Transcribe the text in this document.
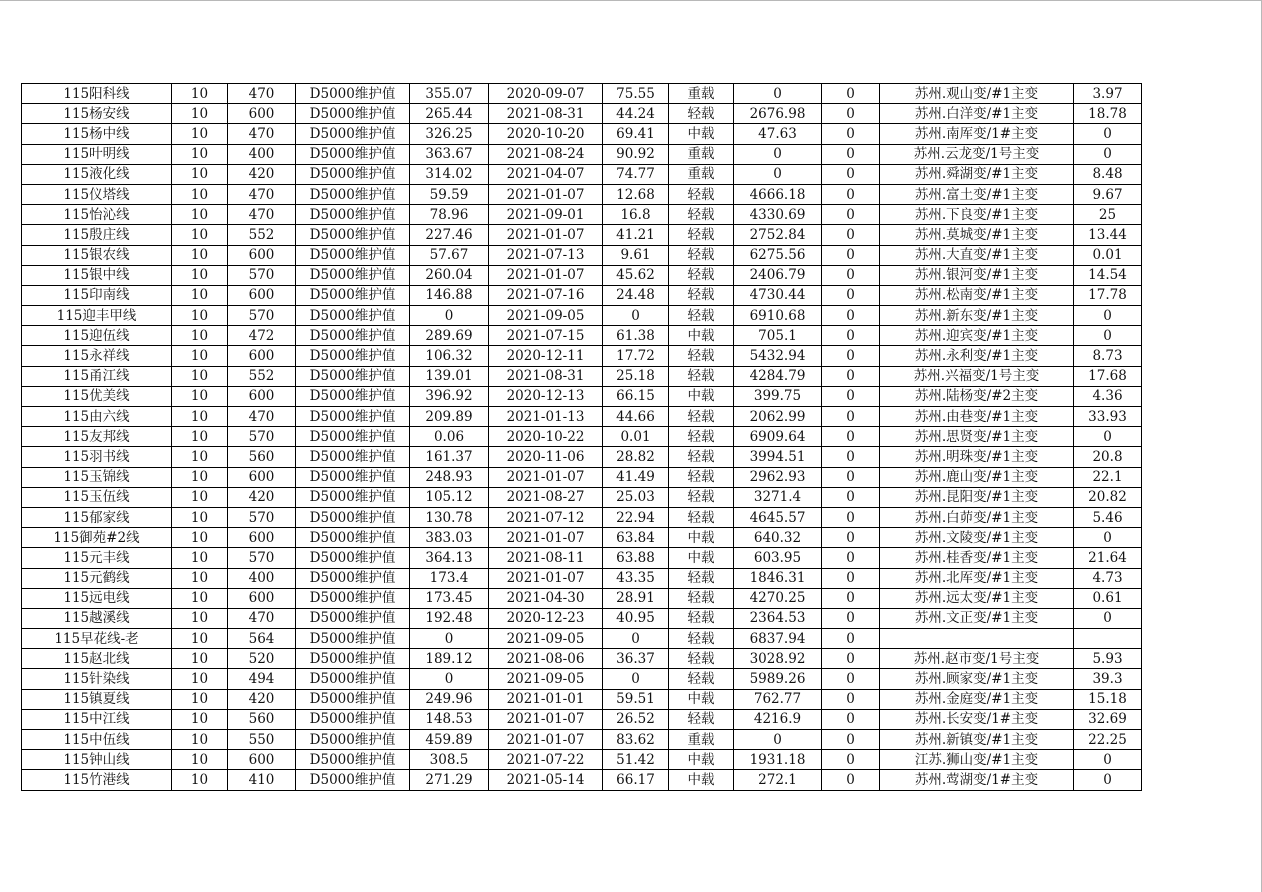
115阳科线	10	470	D5000维护值	355.07	2020-09-07	75.55	重载	0	0	苏州.观山变/#1主变	3.97
115杨安线	10	600	D5000维护值	265.44	2021-08-31	44.24	轻载	2676.98	0	苏州.白洋变/#1主变	18.78
115杨中线	10	470	D5000维护值	326.25	2020-10-20	69.41	中载	47.63	0	苏州.南厍变/1#主变	0
115叶明线	10	400	D5000维护值	363.67	2021-08-24	90.92	重载	0	0	苏州.云龙变/1号主变	0
115液化线	10	420	D5000维护值	314.02	2021-04-07	74.77	重载	0	0	苏州.舜湖变/#1主变	8.48
115仪塔线	10	470	D5000维护值	59.59	2021-01-07	12.68	轻载	4666.18	0	苏州.富土变/#1主变	9.67
115怡沁线	10	470	D5000维护值	78.96	2021-09-01	16.8	轻载	4330.69	0	苏州.下良变/#1主变	25
115殷庄线	10	552	D5000维护值	227.46	2021-01-07	41.21	轻载	2752.84	0	苏州.莫城变/#1主变	13.44
115银农线	10	600	D5000维护值	57.67	2021-07-13	9.61	轻载	6275.56	0	苏州.大直变/#1主变	0.01
115银中线	10	570	D5000维护值	260.04	2021-01-07	45.62	轻载	2406.79	0	苏州.银河变/#1主变	14.54
115印南线	10	600	D5000维护值	146.88	2021-07-16	24.48	轻载	4730.44	0	苏州.松南变/#1主变	17.78
115迎丰甲线	10	570	D5000维护值	0	2021-09-05	0	轻载	6910.68	0	苏州.新东变/#1主变	0
115迎伍线	10	472	D5000维护值	289.69	2021-07-15	61.38	中载	705.1	0	苏州.迎宾变/#1主变	0
115永祥线	10	600	D5000维护值	106.32	2020-12-11	17.72	轻载	5432.94	0	苏州.永利变/#1主变	8.73
115甬江线	10	552	D5000维护值	139.01	2021-08-31	25.18	轻载	4284.79	0	苏州.兴福变/1号主变	17.68
115优美线	10	600	D5000维护值	396.92	2020-12-13	66.15	中载	399.75	0	苏州.陆杨变/#2主变	4.36
115由六线	10	470	D5000维护值	209.89	2021-01-13	44.66	轻载	2062.99	0	苏州.由巷变/#1主变	33.93
115友邦线	10	570	D5000维护值	0.06	2020-10-22	0.01	轻载	6909.64	0	苏州.思贤变/#1主变	0
115羽书线	10	560	D5000维护值	161.37	2020-11-06	28.82	轻载	3994.51	0	苏州.明珠变/#1主变	20.8
115玉锦线	10	600	D5000维护值	248.93	2021-01-07	41.49	轻载	2962.93	0	苏州.鹿山变/#1主变	22.1
115玉伍线	10	420	D5000维护值	105.12	2021-08-27	25.03	轻载	3271.4	0	苏州.昆阳变/#1主变	20.82
115郁家线	10	570	D5000维护值	130.78	2021-07-12	22.94	轻载	4645.57	0	苏州.白茆变/#1主变	5.46
115御苑#2线	10	600	D5000维护值	383.03	2021-01-07	63.84	中载	640.32	0	苏州.文陵变/#1主变	0
115元丰线	10	570	D5000维护值	364.13	2021-08-11	63.88	中载	603.95	0	苏州.桂香变/#1主变	21.64
115元鹤线	10	400	D5000维护值	173.4	2021-01-07	43.35	轻载	1846.31	0	苏州.北厍变/#1主变	4.73
115远电线	10	600	D5000维护值	173.45	2021-04-30	28.91	轻载	4270.25	0	苏州.远太变/#1主变	0.61
115越溪线	10	470	D5000维护值	192.48	2020-12-23	40.95	轻载	2364.53	0	苏州.文正变/#1主变	0
115早花线-老	10	564	D5000维护值	0	2021-09-05	0	轻载	6837.94	0		
115赵北线	10	520	D5000维护值	189.12	2021-08-06	36.37	轻载	3028.92	0	苏州.赵市变/1号主变	5.93
115针染线	10	494	D5000维护值	0	2021-09-05	0	轻载	5989.26	0	苏州.顾家变/#1主变	39.3
115镇夏线	10	420	D5000维护值	249.96	2021-01-01	59.51	中载	762.77	0	苏州.金庭变/#1主变	15.18
115中江线	10	560	D5000维护值	148.53	2021-01-07	26.52	轻载	4216.9	0	苏州.长安变/1#主变	32.69
115中伍线	10	550	D5000维护值	459.89	2021-01-07	83.62	重载	0	0	苏州.新镇变/#1主变	22.25
115钟山线	10	600	D5000维护值	308.5	2021-07-22	51.42	中载	1931.18	0	江苏.狮山变/#1主变	0
115竹港线	10	410	D5000维护值	271.29	2021-05-14	66.17	中载	272.1	0	苏州.莺湖变/1#主变	0
